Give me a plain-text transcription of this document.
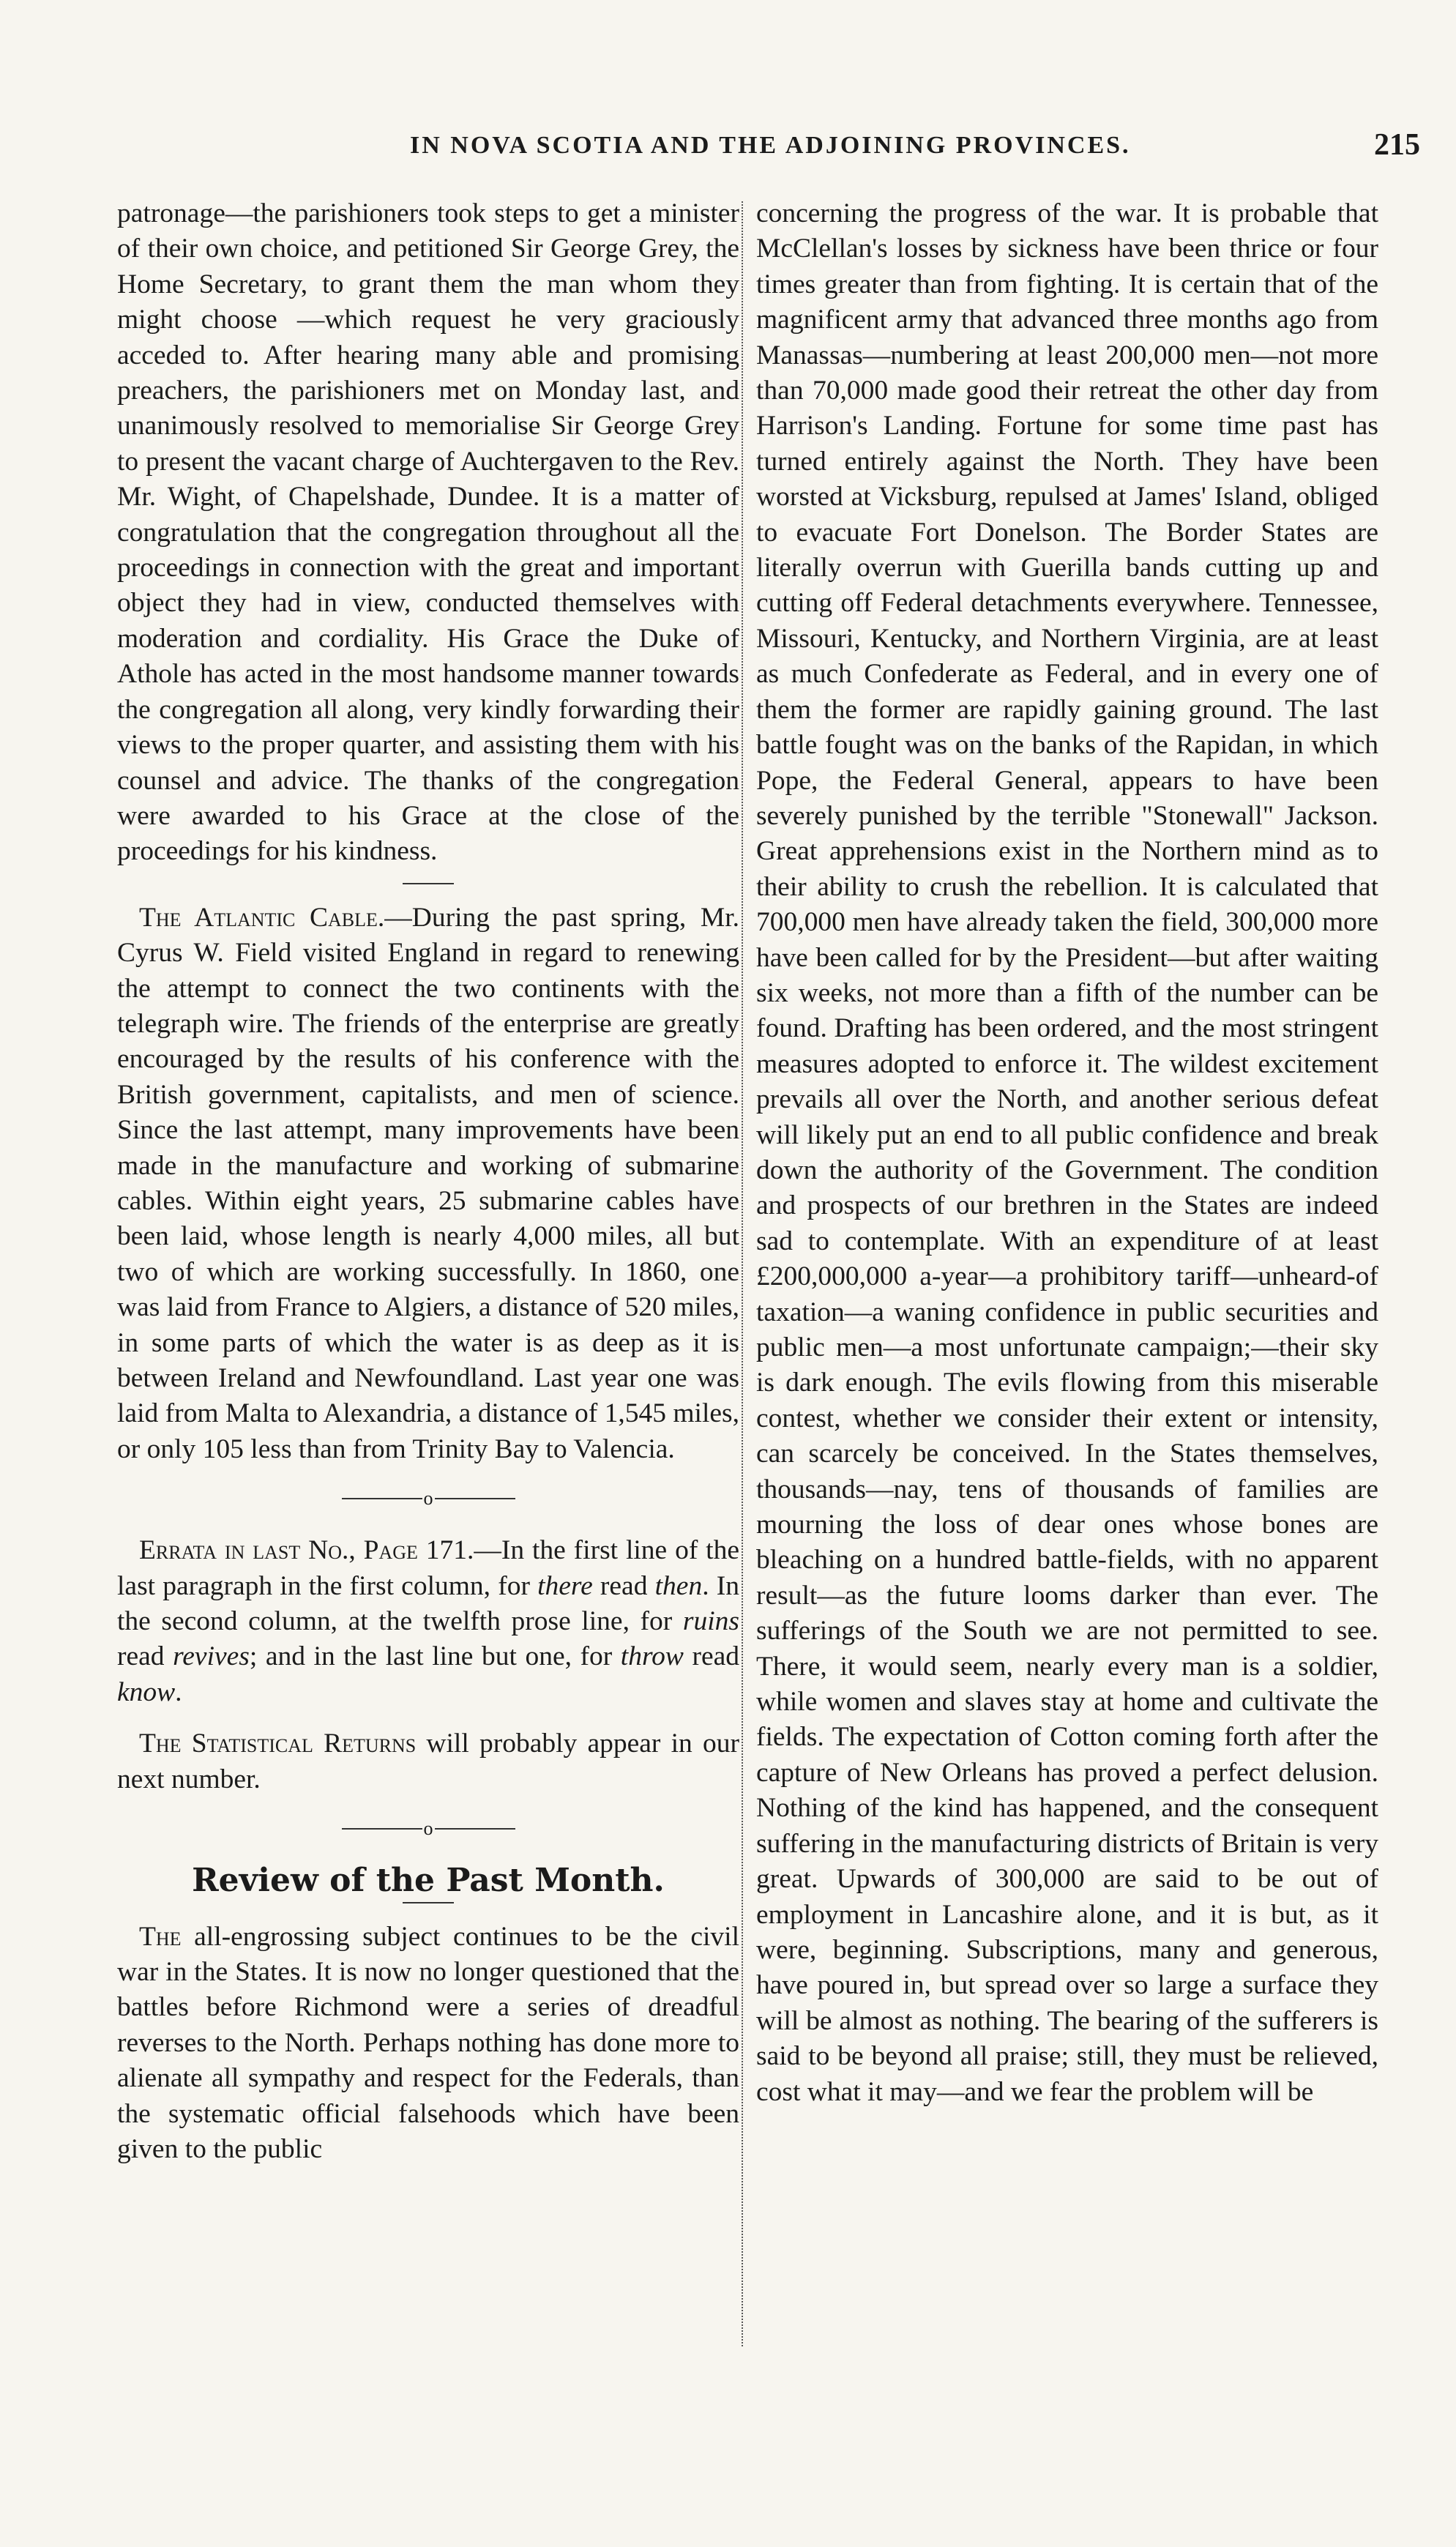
IN NOVA SCOTIA AND THE ADJOINING PROVINCES.	215

patronage—the parishioners took steps to get a minister of their own choice, and petitioned Sir George Grey, the Home Secretary, to grant them the man whom they might choose —which request he very graciously acceded to. After hearing many able and promising preachers, the parishioners met on Monday last, and unanimously resolved to memorialise Sir George Grey to present the vacant charge of Auchtergaven to the Rev. Mr. Wight, of Chapelshade, Dundee. It is a matter of congratulation that the congregation throughout all the proceedings in connection with the great and important object they had in view, conducted themselves with moderation and cordiality. His Grace the Duke of Athole has acted in the most handsome manner towards the congregation all along, very kindly forwarding their views to the proper quarter, and assisting them with his counsel and advice. The thanks of the congregation were awarded to his Grace at the close of the proceedings for his kindness.

The Atlantic Cable.—During the past spring, Mr. Cyrus W. Field visited England in regard to renewing the attempt to connect the two continents with the telegraph wire. The friends of the enterprise are greatly encouraged by the results of his conference with the British government, capitalists, and men of science. Since the last attempt, many improvements have been made in the manufacture and working of submarine cables. Within eight years, 25 submarine cables have been laid, whose length is nearly 4,000 miles, all but two of which are working successfully. In 1860, one was laid from France to Algiers, a distance of 520 miles, in some parts of which the water is as deep as it is between Ireland and Newfoundland. Last year one was laid from Malta to Alexandria, a distance of 1,545 miles, or only 105 less than from Trinity Bay to Valencia.

o

Errata in last No., Page 171.—In the first line of the last paragraph in the first column, for there read then. In the second column, at the twelfth prose line, for ruins read revives; and in the last line but one, for throw read know.

The Statistical Returns will probably appear in our next number.

o
Review of the Past Month.

The all-engrossing subject continues to be the civil war in the States. It is now no longer questioned that the battles before Richmond were a series of dreadful reverses to the North. Perhaps nothing has done more to alienate all sympathy and respect for the Federals, than the systematic official falsehoods which have been given to the public

concerning the progress of the war. It is probable that McClellan's losses by sickness have been thrice or four times greater than from fighting. It is certain that of the magnificent army that advanced three months ago from Manassas—numbering at least 200,000 men—not more than 70,000 made good their retreat the other day from Harrison's Landing. Fortune for some time past has turned entirely against the North. They have been worsted at Vicksburg, repulsed at James' Island, obliged to evacuate Fort Donelson. The Border States are literally overrun with Guerilla bands cutting up and cutting off Federal detachments everywhere. Tennessee, Missouri, Kentucky, and Northern Virginia, are at least as much Confederate as Federal, and in every one of them the former are rapidly gaining ground. The last battle fought was on the banks of the Rapidan, in which Pope, the Federal General, appears to have been severely punished by the terrible "Stonewall" Jackson. Great apprehensions exist in the Northern mind as to their ability to crush the rebellion. It is calculated that 700,000 men have already taken the field, 300,000 more have been called for by the President—but after waiting six weeks, not more than a fifth of the number can be found. Drafting has been ordered, and the most stringent measures adopted to enforce it. The wildest excitement prevails all over the North, and another serious defeat will likely put an end to all public confidence and break down the authority of the Government. The condition and prospects of our brethren in the States are indeed sad to contemplate. With an expenditure of at least £200,000,000 a-year—a prohibitory tariff—unheard-of taxation—a waning confidence in public securities and public men—a most unfortunate campaign;—their sky is dark enough. The evils flowing from this miserable contest, whether we consider their extent or intensity, can scarcely be conceived. In the States themselves, thousands—nay, tens of thousands of families are mourning the loss of dear ones whose bones are bleaching on a hundred battle-fields, with no apparent result—as the future looms darker than ever. The sufferings of the South we are not permitted to see. There, it would seem, nearly every man is a soldier, while women and slaves stay at home and cultivate the fields. The expectation of Cotton coming forth after the capture of New Orleans has proved a perfect delusion. Nothing of the kind has happened, and the consequent suffering in the manufacturing districts of Britain is very great. Upwards of 300,000 are said to be out of employment in Lancashire alone, and it is but, as it were, beginning. Subscriptions, many and generous, have poured in, but spread over so large a surface they will be almost as nothing. The bearing of the sufferers is said to be beyond all praise; still, they must be relieved, cost what it may—and we fear the problem will be
